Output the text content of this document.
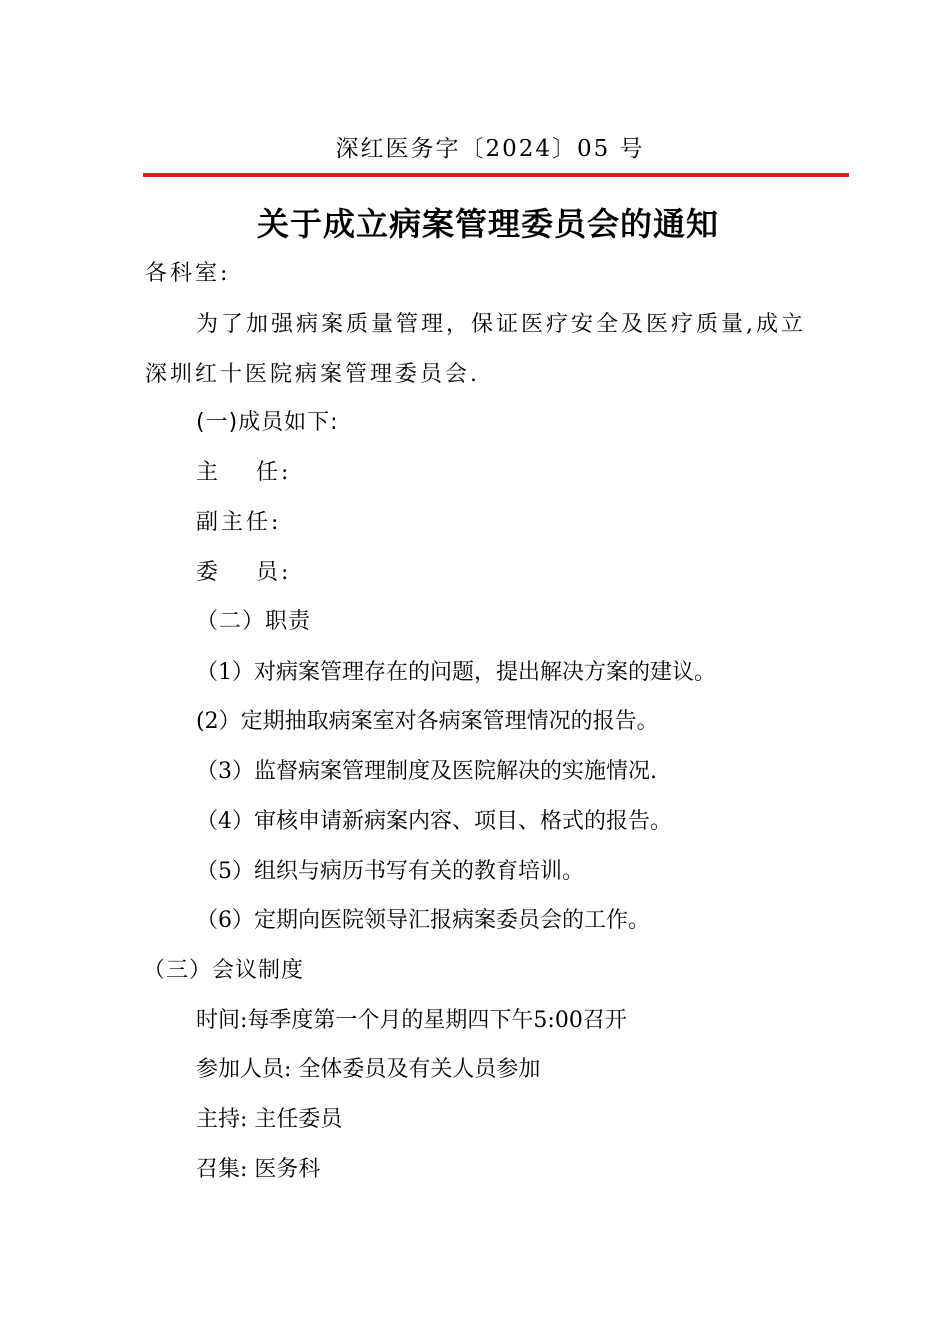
深红医务字〔2024〕05 号
关于成立病案管理委员会的通知
各科室:
为了加强病案质量管理，保证医疗安全及医疗质量,成立
深圳红十医院病案管理委员会.
(一)成员如下:
主　 任:
副主任:
委　 员:
（二）职责
（1）对病案管理存在的问题，提出解决方案的建议。
(2）定期抽取病案室对各病案管理情况的报告。
（3）监督病案管理制度及医院解决的实施情况.
（4）审核申请新病案内容、项目、格式的报告。
（5）组织与病历书写有关的教育培训。
（6）定期向医院领导汇报病案委员会的工作。
（三）会议制度
时间:每季度第一个月的星期四下午5:00召开
参加人员: 全体委员及有关人员参加
主持: 主任委员
召集: 医务科
